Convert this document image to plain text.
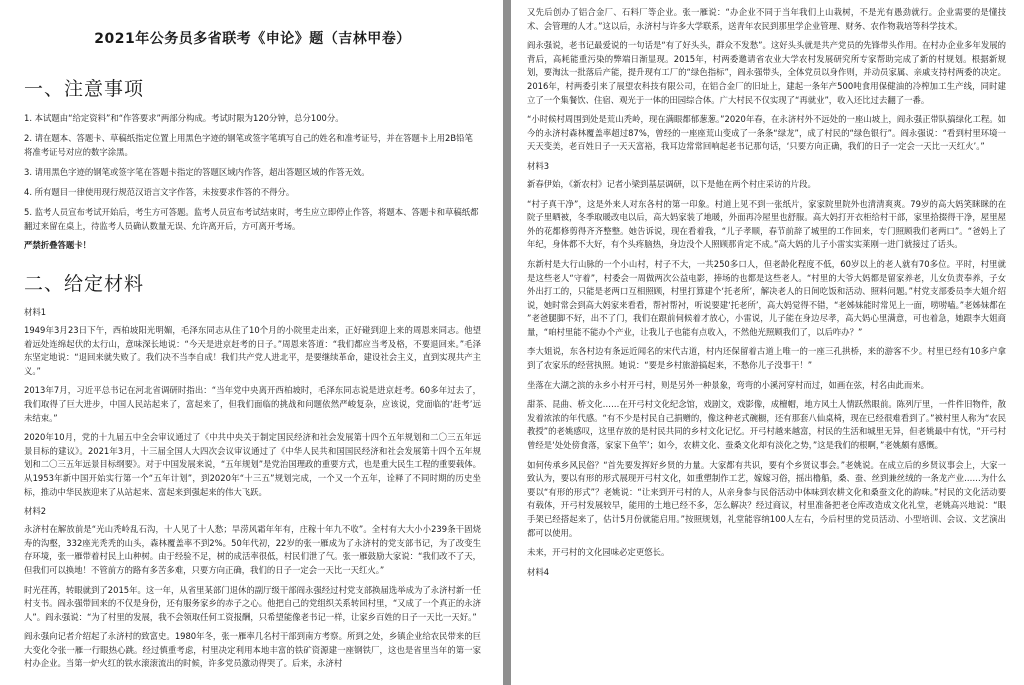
2021年公务员多省联考《申论》题（吉林甲卷）
一、注意事项

1. 本试题由“给定资料”和“作答要求”两部分构成。考试时限为120分钟，总分100分。

2. 请在题本、答题卡、草稿纸指定位置上用黑色字迹的钢笔或签字笔填写自己的姓名和准考证号，并在答题卡上用2B铅笔将准考证号对应的数字涂黑。

3. 请用黑色字迹的钢笔或签字笔在答题卡指定的答题区域内作答，超出答题区域的作答无效。

4. 所有题目一律使用现行规范汉语言文字作答，未按要求作答的不得分。

5. 监考人员宣布考试开始后，考生方可答题。监考人员宣布考试结束时，考生应立即停止作答，将题本、答题卡和草稿纸都翻过来留在桌上，待监考人员确认数量无误、允许离开后，方可离开考场。

严禁折叠答题卡！

二、给定材料

材料1

1949年3月23日下午，西柏坡阳光明媚，毛泽东同志从住了10个月的小院里走出来，正好碰到迎上来的周恩来同志。他望着远处连绵起伏的太行山，意味深长地说：“今天是进京赶考的日子。”周恩来答道：“我们都应当考及格，不要退回来。”毛泽东坚定地说：“退回来就失败了。我们决不当李自成！我们共产党人进北平，是要继续革命，建设社会主义，直到实现共产主义。”

2013年7月，习近平总书记在河北省调研时指出：“当年党中央离开西柏坡时，毛泽东同志说是进京赶考。60多年过去了，我们取得了巨大进步，中国人民站起来了，富起来了，但我们面临的挑战和问题依然严峻复杂，应该说，党面临的‘赶考’远未结束。”

2020年10月，党的十九届五中全会审议通过了《中共中央关于制定国民经济和社会发展第十四个五年规划和二〇三五年远景目标的建议》。2021年3月，十三届全国人大四次会议审议通过了《中华人民共和国国民经济和社会发展第十四个五年规划和二〇三五年远景目标纲要》。对于中国发展来说，“五年规划”是党治国理政的重要方式，也是重大民生工程的重要载体。从1953年新中国开始实行第一个“五年计划”，到2020年“十三五”规划完成，一个又一个五年，诠释了不同时期的历史坐标，推动中华民族迎来了从站起来、富起来到强起来的伟大飞跃。

材料2

永济村在解放前是“光山秃岭乱石沟，十人见了十人愁；旱涝风霜年年有，庄稼十年九不收”。全村有大大小小239条干固烧寿的沟壑，332座光秃秃的山头，森林覆盖率不到2%。50年代初，22岁的张一雁成为了永济村的党支部书记，为了改变生存环境，张一雁带着村民上山种树。由于经验不足，树的成活率很低，村民们泄了气。张一雁鼓励大家说：“我们改不了天，但我们可以换地！不管前方的路有多苦多难，只要方向正确，我们的日子一定会一天比一天红火。”

时光荏苒，转眼就到了2015年。这一年，从省里某部门退休的副厅级干部阎永强经过村党支部换届选举成为了永济村新一任村支书。阎永强带回来的不仅是身份，还有服务家乡的赤子之心。他把自己的党组织关系转回村里，“又成了一个真正的永济人”。阎永强说：“为了村里的发展，我不会领取任何工资报酬，只希望能像老书记一样，让家乡百姓的日子一天比一天好。”

阎永强向记者介绍起了永济村的致富史。1980年冬，张一雁率几名村干部到南方考察。所到之处，乡镇企业给农民带来的巨大变化令张一雁一行眼热心跳。经过慎重考虑，村里决定利用本地丰富的铁矿资源建一座钢铁厂，这也是省里当年的第一家村办企业。当第一炉火红的铁水滚滚流出的时候，许多党员激动得哭了。后来，永济村

又先后创办了铝合金厂、石料厂等企业。张一雁说：“办企业不同于当年我们上山栽树，不是光有愚劲就行。企业需要的是懂技术、会管理的人才。”这以后，永济村与许多大学联系，送青年农民到那里学企业管理、财务、农作物栽培等科学技术。

阎永强说，老书记最爱说的一句话是“有了好头头，群众不发愁”。这好头头就是共产党员的先锋带头作用。在村办企业多年发展的背后，高耗能重污染的弊端日渐显现。2015年，村两委邀请省农业大学农村发展研究所专家帮助完成了新的村规划。根据新规划，要淘汰一批落后产能，提升现有工厂的“绿色指标”，阎永强带头，全体党员以身作则，并动员家属、亲戚支持村两委的决定。2016年，村两委引来了展望农科技有限公司，在铝合金厂的旧址上，建起一条年产500吨食用保健油的冷榨加工生产线，同时建立了一个集餐饮、住宿、观光于一体的田园综合体。广大村民不仅实现了“再就业”，收入还比过去翻了一番。

“小时候村周围到处是荒山秃岭，现在满眼都郁葱葱。”2020年春，在永济村外不远处的一座山坡上，阎永强正带队搞绿化工程。如今的永济村森林覆盖率超过87%，曾经的一座座荒山变成了一条条“绿龙”，成了村民的“绿色银行”。阎永强说：“看到村里环境一天天变美，老百姓日子一天天富裕，我耳边常常回响起老书记那句话，‘只要方向正确，我们的日子一定会一天比一天红火’。”

材料3

新春伊始，《新农村》记者小梁到基层调研，以下是他在两个村庄采访的片段。

“村子真干净”，这是外来人对东各村的第一印象。村道上见不到一张纸片，家家院里院外也清清爽爽。79岁的高大妈笑眯眯的在院子里晒被，冬季取暖改电以后，高大妈家装了地暖，外面再冷屋里也舒服。高大妈打开衣柜给村干部，家里拾掇得干净，屋里屋外的花都修剪得齐齐整整。她告诉说，现在看着我，“儿子孝顺，春节前辞了城里的工作回来，专门照顾我们老两口”。“爸妈上了年纪，身体都不大好，有个头疼脑热，身边没个人照顾那肯定不成。”高大妈的儿子小雷实实莱刚一进门就接过了话头。

东新村是大行山脉的一个小山村，村子不大，一共250多口人，但老龄化程度不低，60岁以上的老人就有70多位。平时，村里就是这些老人“守着”，村委会一周做两次公益电影，捧场的也都是这些老人。“村里的大爷大妈都是留家养老，儿女负责奉养，子女外出打工的，只能是老两口互相照顾，村里打算建个‘托老所’，解决老人的日间吃饭和活动、照料问题。”村党支部委员李大姐介绍说，她时常会到高大妈家来看看，帮衬帮衬，听说要建‘托老所’，高大妈觉得不错，“老姊妹能时常见上一面，唠唠嗑。”老姊妹都在 ”老爸腿脚不好，出不了门，我们在跟前伺候着才放心，小雷说，儿子能在身边尽孝，高大妈心里满意，可也着急，她跟李大姐商量，“咱村里能不能办个产业，让我儿子也能有点收入，不然他光照顾我们了，以后咋办？”

李大姐说，东各村边有条远近闻名的宋代古道，村内还保留着古道上唯一的一座三孔拱桥，来的游客不少。村里已经有10多户拿到了农家乐的经营执照。她说：“要是乡村旅游搞起来，不愁你儿子没事干！”

坐落在大湖之滨的永乡小村开弓村，则是另外一种景象，弯弯的小溪河穿村而过，如画在弦，村名由此而来。

甜茶、昆曲、桥文化……在开弓村文化纪念馆，戏剧文，戏影像，成檀帽，地方风土人情跃然眼前。陈列厅里，一件件旧物件，散发着浓浓的年代感。“有不少是村民自己捐赠的，像这种老式碗橱，还有那套八仙桌椅，现在已经很难看到了。”被村里人称为“农民教授”的老姚感叹，这里存放的是村民共同的乡村文化记忆。开弓村越来越富，村民的生活和城里无异，但老姚最中有忧，“开弓村曾经是‘处处傍食落，家家下鱼竿’；如今，农耕文化、蚕桑文化却有淡化之势，”这是我们的根啊，”老姚颇有感慨。

如何传承乡风民俗？“首先要发挥好乡贤的力量。大家都有共识，要有个乡贤议事会。”老姚说。在成立后的乡贤议事会上，大家一致认为，要以有形的形式展现开弓村文化，如重塑制作工艺，嫁嫁习俗，摇出橹船，桑、蚕、丝到兼丝绒的一条龙产业……为什么要以“有形的形式”？老姚说：“让来到开弓村的人，从亲身参与民俗活动中体味到农耕文化和桑蚕文化的韵味。”村民的文化活动要有载体，开弓村发展较早，能用的土地已经不多，怎么解决？经过商议，村里准备把老仓库改造成文化礼堂，老姚高兴地说：“眼手架已经搭起来了，估计5月份就能启用。”按照规划，礼堂能容纳100人左右，今后村里的党员活动、小型培训、会议、文艺演出都可以使用。

未来，开弓村的文化园味必定更悠长。

材料4
